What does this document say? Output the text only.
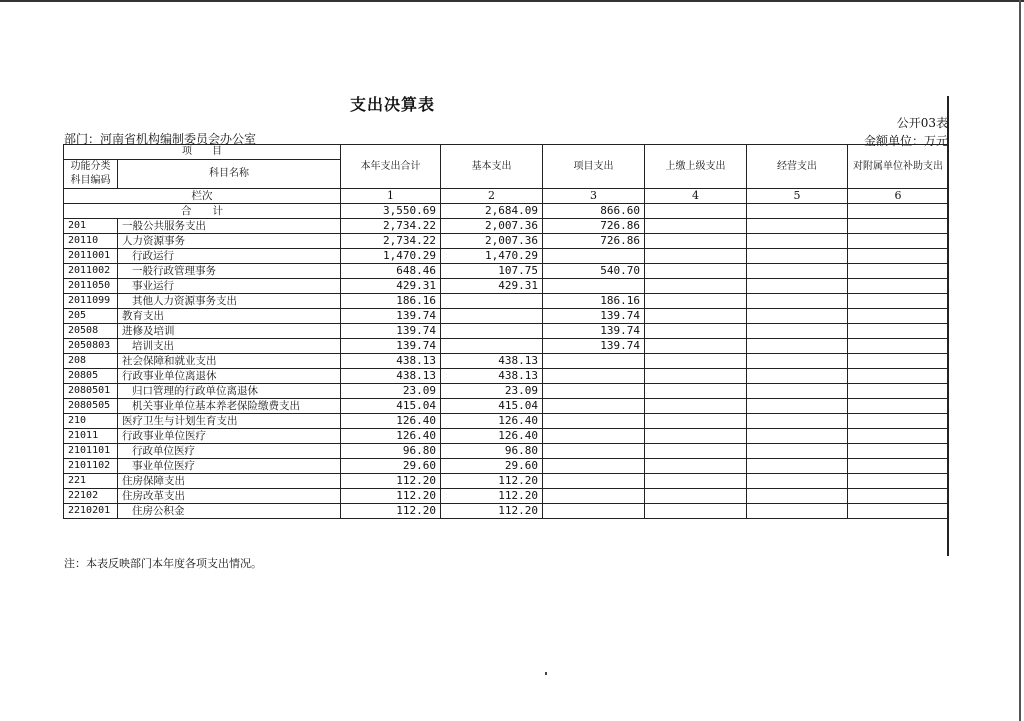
支出决算表
公开03表
部门：河南省机构编制委员会办公室	金额单位：万元
项　　目		本年支出合计	基本支出	项目支出	上缴上级支出	经营支出	对附属单位补助支出
功能分类科目编码	科目名称						
栏次		1	2	3	4	5	6
合　　计		3,550.69	2,684.09	866.60			
201	一般公共服务支出	2,734.22	2,007.36	726.86			
20110	人力资源事务	2,734.22	2,007.36	726.86			
2011001	行政运行	1,470.29	1,470.29				
2011002	一般行政管理事务	648.46	107.75	540.70			
2011050	事业运行	429.31	429.31				
2011099	其他人力资源事务支出	186.16		186.16			
205	教育支出	139.74		139.74			
20508	进修及培训	139.74		139.74			
2050803	培训支出	139.74		139.74			
208	社会保障和就业支出	438.13	438.13				
20805	行政事业单位离退休	438.13	438.13				
2080501	归口管理的行政单位离退休	23.09	23.09				
2080505	机关事业单位基本养老保险缴费支出	415.04	415.04				
210	医疗卫生与计划生育支出	126.40	126.40				
21011	行政事业单位医疗	126.40	126.40				
2101101	行政单位医疗	96.80	96.80				
2101102	事业单位医疗	29.60	29.60				
221	住房保障支出	112.20	112.20				
22102	住房改革支出	112.20	112.20				
2210201	住房公积金	112.20	112.20				
注：本表反映部门本年度各项支出情况。
